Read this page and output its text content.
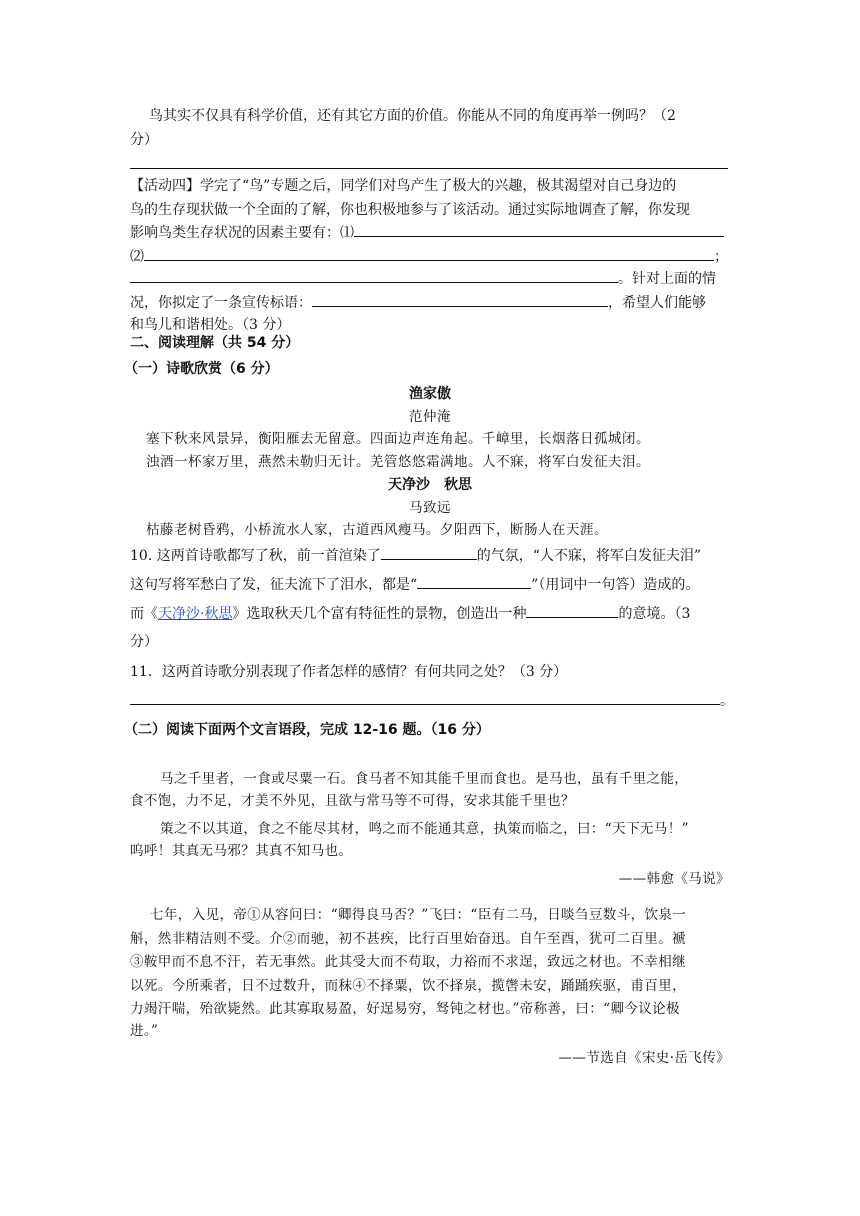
鸟其实不仅具有科学价值，还有其它方面的价值。你能从不同的角度再举一例吗？（2
分）
【活动四】学完了“鸟”专题之后，同学们对鸟产生了极大的兴趣，极其渴望对自己身边的
鸟的生存现状做一个全面的了解，你也积极地参与了该活动。通过实际地调查了解，你发现
影响鸟类生存状况的因素主要有：⑴
⑵	；
。针对上面的情
况，你拟定了一条宣传标语：	，希望人们能够
和鸟儿和谐相处。（3 分）
二、阅读理解（共 54 分）
（一）诗歌欣赏（6 分）
渔家傲
范仲淹
塞下秋来风景异，衡阳雁去无留意。四面边声连角起。千嶂里，长烟落日孤城闭。
浊酒一杯家万里，燕然未勒归无计。羌管悠悠霜满地。人不寐，将军白发征夫泪。
天净沙　秋思
马致远
枯藤老树昏鸦，小桥流水人家，古道西风瘦马。夕阳西下，断肠人在天涯。
10. 这两首诗歌都写了秋，前一首渲染了	的气氛，“人不寐，将军白发征夫泪”
这句写将军愁白了发，征夫流下了泪水，都是“	”（用词中一句答）造成的。
而《天净沙·秋思》选取秋天几个富有特征性的景物，创造出一种	的意境。（3
分）
11．这两首诗歌分别表现了作者怎样的感情？有何共同之处？（3 分）
。
（二）阅读下面两个文言语段，完成 12-16 题。（16 分）
马之千里者，一食或尽粟一石。食马者不知其能千里而食也。是马也，虽有千里之能，
食不饱，力不足，才美不外见，且欲与常马等不可得，安求其能千里也？
策之不以其道，食之不能尽其材，鸣之而不能通其意，执策而临之，曰：“天下无马！”
呜呼！其真无马邪？其真不知马也。
——韩愈《马说》
七年，入见，帝①从容问曰：“卿得良马否？”飞曰：“臣有二马，日啖刍豆数斗，饮泉一
斛，然非精洁则不受。介②而驰，初不甚疾，比行百里始奋迅。自午至酉，犹可二百里。褫
③鞍甲而不息不汗，若无事然。此其受大而不苟取，力裕而不求逞，致远之材也。不幸相继
以死。今所乘者，日不过数升，而秣④不择粟，饮不择泉，揽辔未安，踊踊疾驱，甫百里，
力竭汗喘，殆欲毙然。此其寡取易盈，好逞易穷，驽钝之材也。”帝称善，曰：“卿今议论极
进。”
——节选自《宋史·岳飞传》
